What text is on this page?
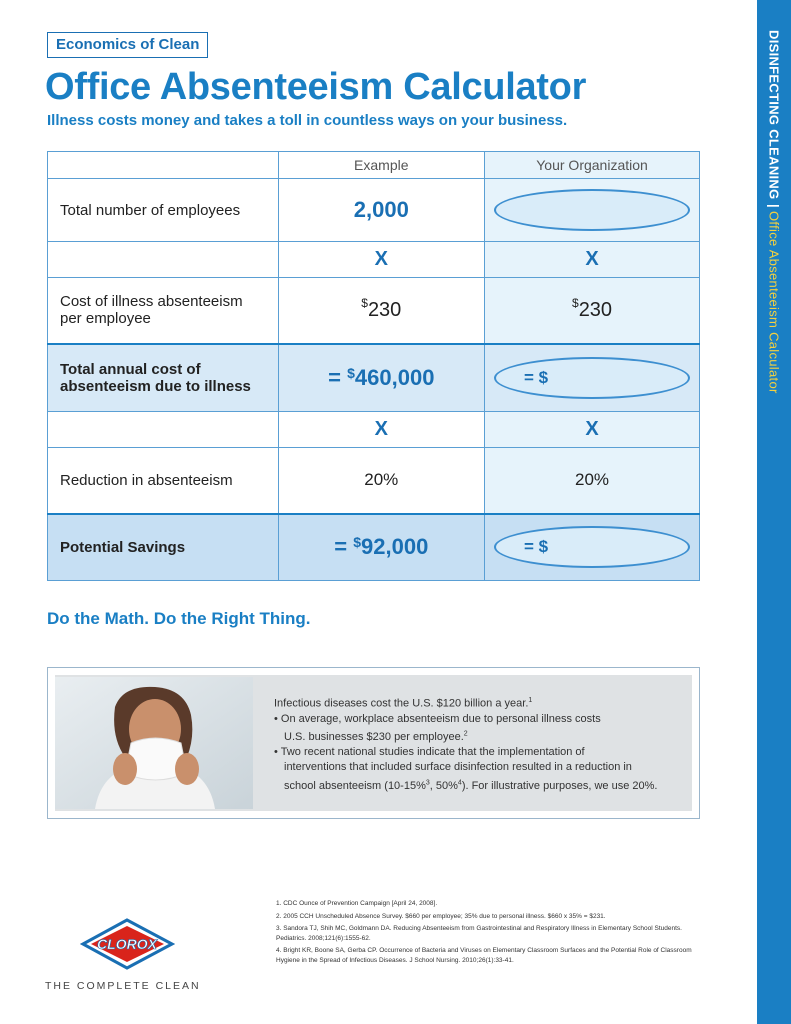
DISINFECTING CLEANING
|
Office Absenteeism Calculator
Economics of Clean
Office Absenteeism Calculator
Illness costs money and takes a toll in countless ways on your business.
	Example	Your Organization
Total number of employees	2,000	
	X	X
Cost of illness absenteeism
per employee	$230	$230
Total annual cost of
absenteeism due to illness	= $460,000	= $

	X	X
Reduction in absenteeism	20%	20%
Potential Savings	= $92,000	= $
Do the Math. Do the Right Thing.

Infectious diseases cost the U.S. $120 billion a year.$^1$

• On average, workplace absenteeism due to personal illness costs
U.S. businesses $230 per employee.$^2$

• Two recent national studies indicate that the implementation of
interventions that included surface disinfection resulted in a reduction in
school absenteeism (10-15%$^3$, 50%$^4$). For illustrative purposes, we use 20%.

1. CDC Ounce of Prevention Campaign [April 24, 2008].
2. 2005 CCH Unscheduled Absence Survey. $660 per employee; 35% due to personal illness. $660 x 35% = $231.
3. Sandora TJ, Shih MC, Goldmann DA. Reducing Absenteeism from Gastrointestinal and Respiratory Illness in Elementary School Students. Pediatrics. 2008;121(6):1555-62.
4. Bright KR, Boone SA, Gerba CP. Occurrence of Bacteria and Viruses on Elementary Classroom Surfaces and the Potential Role of Classroom Hygiene in the Spread of Infectious Diseases. J School Nursing. 2010;26(1):33-41.
CLOROX
THE COMPLETE CLEAN
